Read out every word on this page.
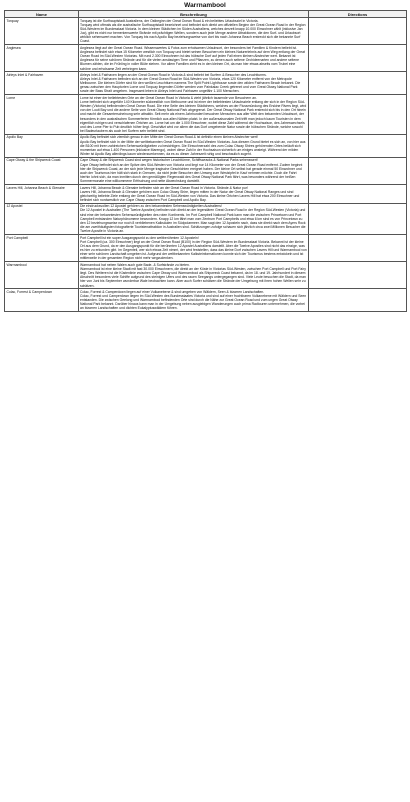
Warrnambool
Name	Beschreibung	Directions
Torquay	Torquay ist die Surfhauptstadt Australiens, der Ostbeginn der Great Ocean Road & ein beliebtes Urlaubsziel in Victoria.

Torquay wird oftmals als die australische Surfhauptstadt bezeichnet und befindet sich direkt am offiziellen Beginn der Great Ocean Road in der Region Süd-Western im Bundesstaat Victoria. In dem kleinen Städtchen im Süden Australiens, welches derzeit knapp 10.000 Einwohner zählt (inklusive Jan Juc), gibt es nicht nur bemerkenswerte Strände mit prächtigen Wellen, sondern auch jede Menge andere Attraktionen, die den Surf- und Urlaubsort wirklich sehenswert machen. Von Torquay bis nach Apollo Bay beziehungsweise von dort bis nach Johanna Beach erstreckt sich die bekannte Surf Coast.	

Anglesea	Anglesea liegt auf der Great Ocean Road. Wissenswertes & Fotos zum erholsamen Urlaubsort, der besonders bei Familien & Kindern beliebt ist.

Anglesea befindet sich etwa 15 Kilometer westlich von Torquay und bietet seinen Besuchern ein kleines Naturerlebnis auf dem Weg entlang der Great Ocean Road im Süd-Westen Victorias. Mit rund 2.300 Einwohnern ist das hübsche Dorf auf jeden Fall einen kleinen Abstecher wert. Bekannt ist Anglesea für seine schönen Strände und für die vielen ansässigen Tiere und Pflanzen, zu denen auch seltene Orchideenarten und andere seltene Blumen zählen, die im Frühling in voller Blüte stehen. Vor allem Familien zieht es in den kleinen Ort, da man hier etwas abseits vom Trubel eine schöne und erholsame Zeit verbringen kann.	

Airleys Inlet & Fairhaven	Airleys Inlet & Fairhaven liegen an der Great Ocean Road in Victoria & sind beliebt bei Surfern & Besucher des Leuchtturms.

Airleys Inlet & Fairhaven befinden sich an der Great Ocean Road im Süd-Westen von Victoria, etwa 120 Kilometer entfernt von der Metropole Melbourne. Die kleinen Dörfer sind für den weißen Leuchtturm namens The Split Point Lighthouse sowie den wilden Fairhaven Beach bekannt. Die genau zwischen den Hauptorten Lorne und Torquay liegenden Dörfer werden vom Painkalac Creek getrennt und vom Great Otway National Park sowie der Bass Strait umgeben. Insgesamt leben in Airleys Inlet und Fairhaven ungefähr 1.100 Menschen.	

Lorne	Lorne ist einer der beliebtesten Orte an der Great Ocean Road in Victoria & zieht jährlich tausende von Besuchern an.

Lorne befindet sich ungefähr 140 Kilometer südwestlich von Melbourne und ist einer der beliebtesten Urlaubsziele entlang der sich in der Region Süd-Westen (Victoria) befindenden Great Ocean Road. Die eine Seite des kleinen Städtchens, welches an der Flussmündung des Erskine Rivers liegt, wird von der Louit Bay und die andere Seite vom Great Otway National Park abgegrenzt. Der Great Otway National Park erstreckt sich bis in den Ort hinein und macht die Gesamterscheinung sehr attraktiv. Seit mehr als einem Jahrhundert besuchen Menschen aus aller Welt den bekannten Urlaubsort, der besonders in den australischen Sommerferien förmlich aus allen Nähten platzt. In der außersaisonalen Zeit trifft man jedoch kaum Touristen in dem eigentlich ruhigen und verschlafenen Örtchen an. Lorne hat um die 1.000 Einwohner, wobei diese Zahl während der Hochsaison, des Jahreswechsels und des Lorne Pier to Pub deutlich höher liegt. Geschätzt wird vor allem die das Dorf umgebende Natur sowie die hübschen Strände, welche sowohl bei Badeurlaubern als auch bei Surfern sehr beliebt sind.	

Apollo Bay	Apollo Bay befindet sich ziemlich genau in der Mitte der Great Ocean Road & ist definitiv einen kleinen Abstecher wert!

Apollo Bay befindet sich in der Mitte der weltbekannten Great Ocean Road im Süd-Westen Victorias. Aus diesem Grund bietet es sich an, von hier aus die B100 mit ihren zahlreichen Sehenswürdigkeiten zu besichtigen. Die Einwohnerzahl des zum Colac Otway Shires gehörenden Ortes beläuft sich momentan auf etwa 1.400 Personen (inklusive Marengo), wobei diese Zahl in der Hochsaison sicherlich um einiges ansteigt. Während der milden Winter ist Apollo Bay allerdings kaum wiederzuerkennen, da es zu dieser Jahreszeit ruhig und beschaulich zugeht.	

Cape Otway & the Shipwreck Coast	Cape Otway & die Shipwreck Coast sind wegen historischer Leuchttürme, Schiffswracks & National Parks sehenswert!

Cape Otway befindet sich an der Spitze des Süd-Westen von Victoria und liegt nur 14 Kilometer von der Great Ocean Road entfernt. Zudem beginnt hier die Shipwreck Coast, an der sich jede Menge tragische Geschichten ereignet haben. Der kleine Ort selbst hat gerade einmal 50 Einwohner und auch der Tourismus hier hält sich stark in Grenzen, da nicht jeder Besucher den Umweg zum Westzipfel in Kauf nehmen möchte. Doch die Fahrt hierhin lohnt sich, da man inmitten durch den gemäßigten Regenwald des Great Otway National Park fährt, was besonders während der heißen Sommermonate eine willkommene Erfrischung und nette Abwechslung darstellt.	

Lavers Hill, Johanna Beach & Glenaire	Lavers Hill, Johanna Beach & Glenaire befinden sich an der Great Ocean Road in Victoria. Strände & Natur pur!

Lavers Hill, Johanna Beach & Glenaire gehören zum Colac Otway Shire, liegen mitten in der Natur der Great Otway National Ranges und sind gleichzeitig beliebte Ziele entlang der Great Ocean Road im Süd-Westen von Victoria. Das kleine Örtchen Lavers Hill hat etwa 200 Einwohner und befindet sich nordwestlich von Cape Otway zwischen Port Campbell und Apollo Bay.	

12 Apostel	Die eindrucksvollen 12 Apostel gehören zu den bekanntesten Sehenswürdigkeiten Australiens!

Die 12 Apostel in Australien (The Twelve Apostles) befinden sich direkt an der legendären Great Ocean Road in der Region Süd-Westen (Victoria) und sind eine der bekanntesten Sehenswürdigkeiten des roten Kontinents. Im Port Campbell National Park kann man die zwischen Princetown und Port Campbell entstanden Naturphänomene bewundern. Knapp 12 km fährt man vom Zentrum Port Campbells und etwa 6 km sind es von Princetown zu den 12 beziehungsweise nur noch 8 verbliebenen Kalksäulen im Südpolarmeer. Man sagt den 12 Aposteln nach, dass sie direkt nach dem Ayers Rock die am zweithäufigsten fotografierte Touristenattraktion in Australien sind. Schätzungen zufolge schauen sich jährlich circa zwei Millionen Besucher die Twelve Apostle in Victoria an.	

Port Campbell	Port Campbell ist ein super Ausgangspunkt zu den weltberühmten 12 Aposteln!

Port Campbell (ca. 300 Einwohner) liegt an der Great Ocean Road (B100) in der Region Süd-Western im Bundesstaat Victoria. Bekannt ist der kleine Ort aus dem Grund, da er den Ausgangspunkt für die berühmten 12 Apostel Australiens darstellt. Aber die Twelve Apostles sind nicht das einzige, was es hier zu erkunden gibt. Im Gegenteil, wer sich etwas Zeit nimmt, der wird feststellen, dass das kleine Dorf zwischen Lavers Hill und Warrnambool von einer sehr schönen Landschaft umgeben ist. Aufgrund der weltbekannten Kalksteinformationen konnte sich der Tourismus bestens entwickeln und ist mittlerweile in der gesamten Region nicht mehr wegzudenken.	

Warrnambool	Warrnambool hat neben Walen auch gute Bade- & Surfstrände zu bieten.

Warrnambool ist eine kleine Stadt mit fast 30.000 Einwohnern, die direkt an der Küste in Victorias Süd-Westen, zwischen Port Campbell und Port Fairy liegt. Des Weiteren ist die Küstenlinie zwischen Cape Otway und Warrnambool als Shipwreck Coast bekannt, da im 18. und 19. Jahrhundert in diesem Abschnitt besonders viele Schiffe aufgrund des steinigen Ufers und des rauen Seegangs untergegangen sind. Viele Leute besuchen die Stadt, da man hier von Juni bis September wunderbar Wale beobachten kann. Aber auch Surfer schätzen die Strände der Umgebung mit ihren hohen Wellen sehr zu schätzen.	

Colac, Forrest & Camperdown	Colac, Forrest & Camperdown liegen auf einer Vulkanebene & sind umgeben von Wäldern, Seen & bizarren Landschaften.

Colac, Forrest und Camperdown liegen im Süd-Westen des Bundesstaates Victoria und sind auf einer fruchtbaren Vulkanebene mit Wäldern und Seen entstanden. Die zwischen Geelong und Warrnambool befindenden Orte sind durch die Nähe zur Great Ocean Road und zum ungen Great Otway National Park bekannt. Darüber hinaus kann man in der Umgebung neben ausgiebigen Wanderungen auch prima Radtouren unternehmen, die vorbei an bizarren Landschaften und dichten Eukalyptuswäldern führen.	
